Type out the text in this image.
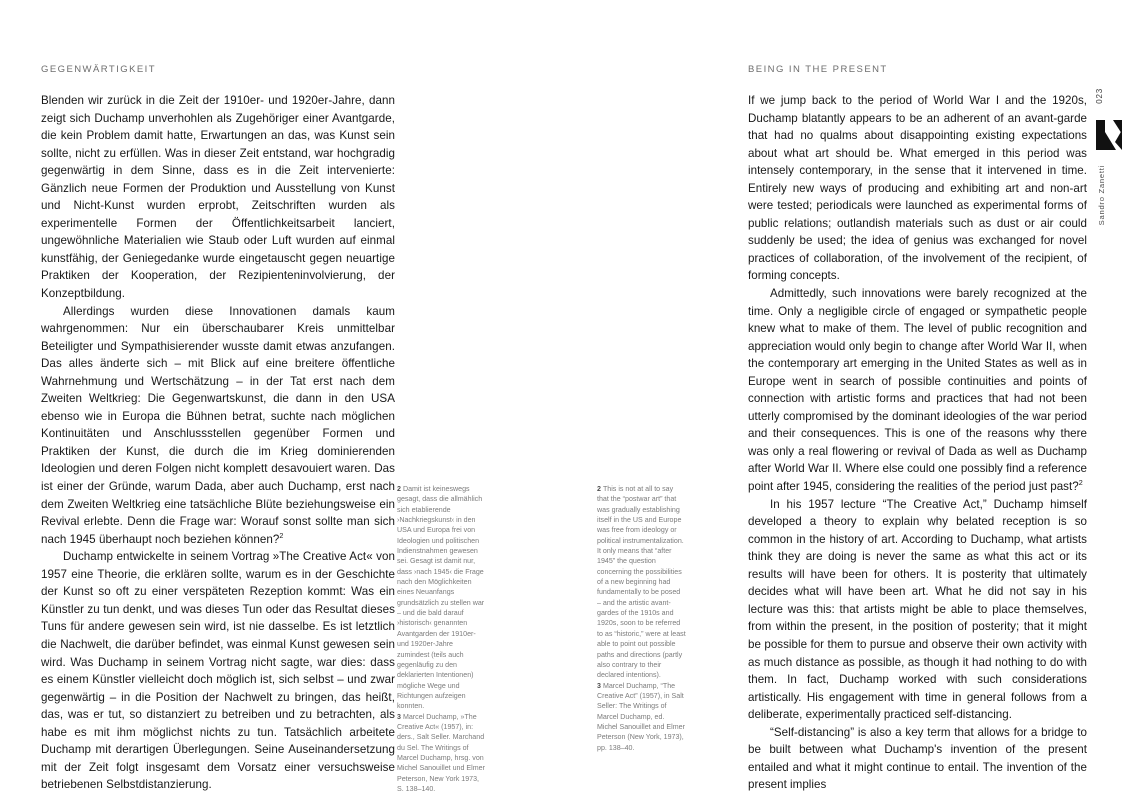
GEGENWÄRTIGKEIT

Blenden wir zurück in die Zeit der 1910er- und 1920er-Jahre, dann zeigt sich Duchamp unverhohlen als Zugehöriger einer Avantgarde, die kein Problem damit hatte, Erwartungen an das, was Kunst sein sollte, nicht zu erfüllen. Was in dieser Zeit entstand, war hochgradig gegenwärtig in dem Sinne, dass es in die Zeit intervenierte: Gänzlich neue Formen der Produktion und Ausstellung von Kunst und Nicht-Kunst wurden erprobt, Zeitschriften wurden als experimentelle Formen der Öffentlichkeitsarbeit lanciert, ungewöhnliche Materialien wie Staub oder Luft wurden auf einmal kunstfähig, der Geniegedanke wurde eingetauscht gegen neuartige Praktiken der Kooperation, der Rezipienteninvolvierung, der Konzeptbildung.

Allerdings wurden diese Innovationen damals kaum wahrgenommen: Nur ein überschaubarer Kreis unmittelbar Beteiligter und Sympathisierender wusste damit etwas anzufangen. Das alles änderte sich – mit Blick auf eine breitere öffentliche Wahrnehmung und Wertschätzung – in der Tat erst nach dem Zweiten Weltkrieg: Die Gegenwartskunst, die dann in den USA ebenso wie in Europa die Bühnen betrat, suchte nach möglichen Kontinuitäten und Anschlussstellen gegenüber Formen und Praktiken der Kunst, die durch die im Krieg dominierenden Ideologien und deren Folgen nicht komplett desavouiert waren. Das ist einer der Gründe, warum Dada, aber auch Duchamp, erst nach dem Zweiten Weltkrieg eine tatsächliche Blüte beziehungsweise ein Revival erlebte. Denn die Frage war: Worauf sonst sollte man sich nach 1945 überhaupt noch beziehen können?$^2$

Duchamp entwickelte in seinem Vortrag »The Creative Act« von 1957 eine Theorie, die erklären sollte, warum es in der Geschichte der Kunst so oft zu einer verspäteten Rezeption kommt: Was ein Künstler zu tun denkt, und was dieses Tun oder das Resultat dieses Tuns für andere gewesen sein wird, ist nie dasselbe. Es ist letztlich die Nachwelt, die darüber befindet, was einmal Kunst gewesen sein wird. Was Duchamp in seinem Vortrag nicht sagte, war dies: dass es einem Künstler vielleicht doch möglich ist, sich selbst – und zwar gegenwärtig – in die Position der Nachwelt zu bringen, das heißt, das, was er tut, so distanziert zu betreiben und zu betrachten, als habe es mit ihm möglichst nichts zu tun. Tatsächlich arbeitete Duchamp mit derartigen Überlegungen. Seine Auseinandersetzung mit der Zeit folgt insgesamt dem Vorsatz einer versuchsweise betriebenen Selbstdistanzierung.

2 Damit ist keineswegs gesagt, dass die allmählich sich etablierende ›Nachkriegskunst‹ in den USA und Europa frei von Ideologien und politischen Indienstnahmen gewesen sei. Gesagt ist damit nur, dass ›nach 1945‹ die Frage nach den Möglichkeiten eines Neuanfangs grundsätzlich zu stellen war – und die bald darauf ›historisch‹ genannten Avantgarden der 1910er- und 1920er-Jahre zumindest (teils auch gegenläufig zu den deklarierten Intentionen) mögliche Wege und Richtungen aufzeigen konnten.

3 Marcel Duchamp, »The Creative Act« (1957), in: ders., Salt Seller. Marchand du Sel. The Writings of Marcel Duchamp, hrsg. von Michel Sanouillet und Elmer Peterson, New York 1973, S. 138–140.

BEING IN THE PRESENT

If we jump back to the period of World War I and the 1920s, Duchamp blatantly appears to be an adherent of an avant-garde that had no qualms about disappointing existing expectations about what art should be. What emerged in this period was intensely contemporary, in the sense that it intervened in time. Entirely new ways of producing and exhibiting art and non-art were tested; periodicals were launched as experimental forms of public relations; outlandish materials such as dust or air could suddenly be used; the idea of genius was exchanged for novel practices of collaboration, of the involvement of the recipient, of forming concepts.

Admittedly, such innovations were barely recognized at the time. Only a negligible circle of engaged or sympathetic people knew what to make of them. The level of public recognition and appreciation would only begin to change after World War II, when the contemporary art emerging in the United States as well as in Europe went in search of possible continuities and points of connection with artistic forms and practices that had not been utterly compromised by the dominant ideologies of the war period and their consequences. This is one of the reasons why there was only a real flowering or revival of Dada as well as Duchamp after World War II. Where else could one possibly find a reference point after 1945, considering the realities of the period just past?$^2$

In his 1957 lecture “The Creative Act,” Duchamp himself developed a theory to explain why belated reception is so common in the history of art. According to Duchamp, what artists think they are doing is never the same as what this act or its results will have been for others. It is posterity that ultimately decides what will have been art. What he did not say in his lecture was this: that artists might be able to place themselves, from within the present, in the position of posterity; that it might be possible for them to pursue and observe their own activity with as much distance as possible, as though it had nothing to do with them. In fact, Duchamp worked with such considerations artistically. His engagement with time in general follows from a deliberate, experimentally practiced self-distancing.

“Self-distancing” is also a key term that allows for a bridge to be built between what Duchamp's invention of the present entailed and what it might continue to entail. The invention of the present implies

2 This is not at all to say that the “postwar art” that was gradually establishing itself in the US and Europe was free from ideology or political instrumentalization. It only means that “after 1945” the question concerning the possibilities of a new beginning had fundamentally to be posed – and the artistic avant-gardes of the 1910s and 1920s, soon to be referred to as “historic,” were at least able to point out possible paths and directions (partly also contrary to their declared intentions).

3 Marcel Duchamp, “The Creative Act” (1957), in Salt Seller: The Writings of Marcel Duchamp, ed. Michel Sanouillet and Elmer Peterson (New York, 1973), pp. 138–40.

023
Sandro Zanetti
